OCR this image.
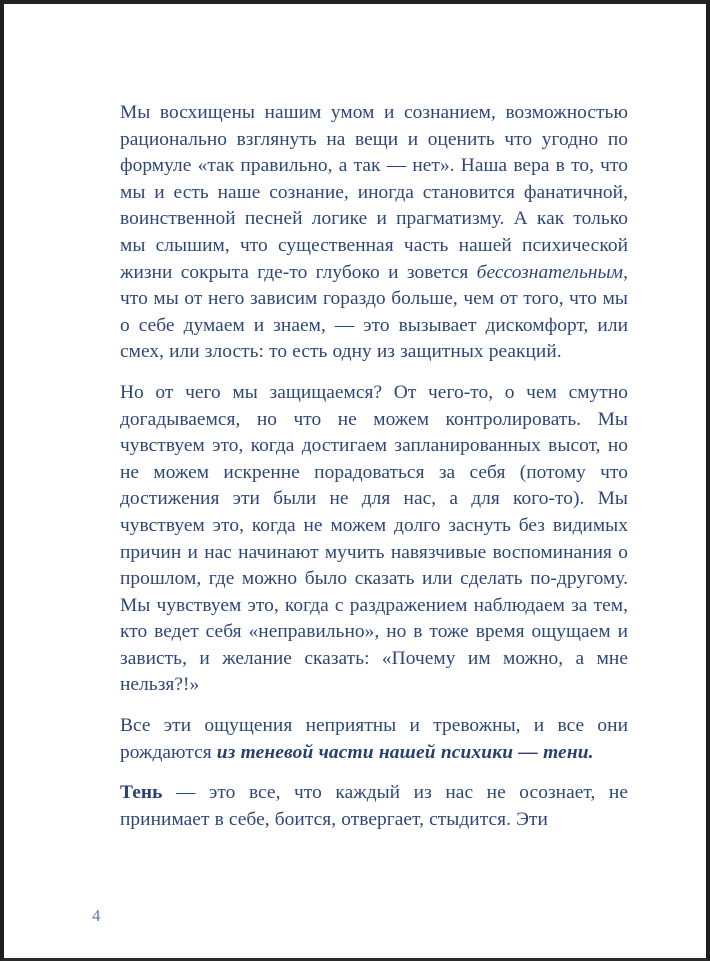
Мы восхищены нашим умом и сознанием, возможностью рационально взглянуть на вещи и оценить что угодно по формуле «так правильно, а так — нет». Наша вера в то, что мы и есть наше сознание, иногда становится фанатичной, воинственной песней логике и прагматизму. А как только мы слышим, что существенная часть нашей психической жизни сокрыта где-то глубоко и зовется бессознательным, что мы от него зависим гораздо больше, чем от того, что мы о себе думаем и знаем, — это вызывает дискомфорт, или смех, или злость: то есть одну из защитных реакций.

Но от чего мы защищаемся? От чего-то, о чем смутно догадываемся, но что не можем контролировать. Мы чувствуем это, когда достигаем запланированных высот, но не можем искренне порадоваться за себя (потому что достижения эти были не для нас, а для кого-то). Мы чувствуем это, когда не можем долго заснуть без видимых причин и нас начинают мучить навязчивые воспоминания о прошлом, где можно было сказать или сделать по-другому. Мы чувствуем это, когда с раздражением наблюдаем за тем, кто ведет себя «неправильно», но в тоже время ощущаем и зависть, и желание сказать: «Почему им можно, а мне нельзя?!»

Все эти ощущения неприятны и тревожны, и все они рождаются из теневой части нашей психики — тени.

Тень — это все, что каждый из нас не осознает, не принимает в себе, боится, отвергает, стыдится. Эти

4
